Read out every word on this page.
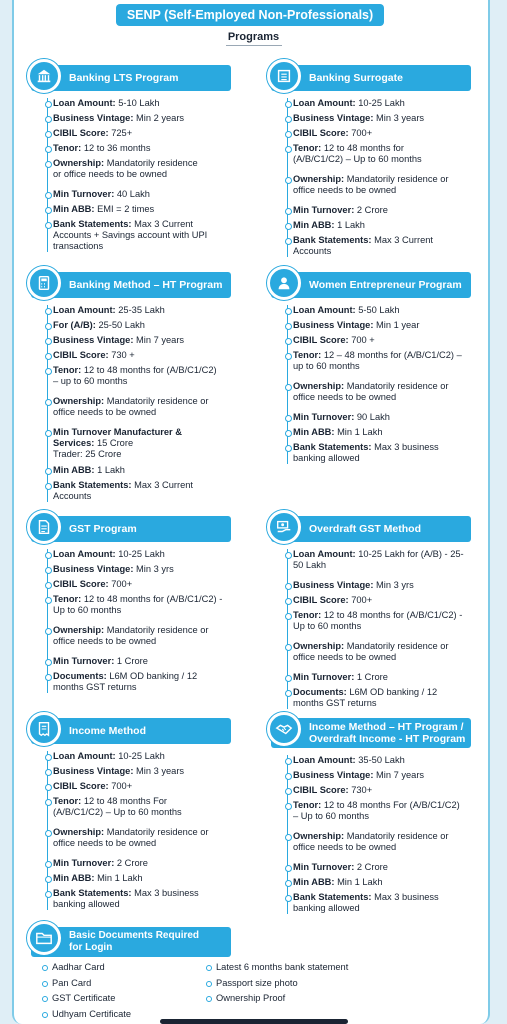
SENP (Self-Employed Non-Professionals)
Programs
Banking LTS Program
Loan Amount: 5-10 Lakh
Business Vintage: Min 2 years
CIBIL Score: 725+
Tenor: 12 to 36 months
Ownership: Mandatorily residence or office needs to be owned
Min Turnover: 40 Lakh
Min ABB: EMI = 2 times
Bank Statements: Max 3 Current Accounts + Savings account with UPI transactions
Banking Surrogate
Loan Amount: 10-25 Lakh
Business Vintage: Min 3 years
CIBIL Score: 700+
Tenor: 12 to 48 months for (A/B/C1/C2) – Up to 60 months
Ownership: Mandatorily residence or office needs to be owned
Min Turnover: 2 Crore
Min ABB: 1 Lakh
Bank Statements: Max 3 Current Accounts
Banking Method – HT Program
Loan Amount: 25-35 Lakh
For (A/B): 25-50 Lakh
Business Vintage: Min 7 years
CIBIL Score: 730 +
Tenor: 12 to 48 months for (A/B/C1/C2) – up to 60 months
Ownership: Mandatorily residence or office needs to be owned
Min Turnover Manufacturer & Services: 15 Crore
Trader: 25 Crore
Min ABB: 1 Lakh
Bank Statements: Max 3 Current Accounts
Women Entrepreneur Program
Loan Amount: 5-50 Lakh
Business Vintage: Min 1 year
CIBIL Score: 700 +
Tenor: 12 – 48 months for (A/B/C1/C2) – up to 60 months
Ownership: Mandatorily residence or office needs to be owned
Min Turnover: 90 Lakh
Min ABB: Min 1 Lakh
Bank Statements: Max 3 business banking allowed
GST Program
Loan Amount: 10-25 Lakh
Business Vintage: Min 3 yrs
CIBIL Score: 700+
Tenor: 12 to 48 months for (A/B/C1/C2) - Up to 60 months
Ownership: Mandatorily residence or office needs to be owned
Min Turnover: 1 Crore
Documents: L6M OD banking / 12 months GST returns
Overdraft GST Method
Loan Amount: 10-25 Lakh for (A/B) - 25-50 Lakh
Business Vintage: Min 3 yrs
CIBIL Score: 700+
Tenor: 12 to 48 months for (A/B/C1/C2) - Up to 60 months
Ownership: Mandatorily residence or office needs to be owned
Min Turnover: 1 Crore
Documents: L6M OD banking / 12 months GST returns
Income Method
Loan Amount: 10-25 Lakh
Business Vintage: Min 3 years
CIBIL Score: 700+
Tenor: 12 to 48 months For (A/B/C1/C2) – Up to 60 months
Ownership: Mandatorily residence or office needs to be owned
Min Turnover: 2 Crore
Min ABB: Min 1 Lakh
Bank Statements: Max 3 business banking allowed
Income Method – HT Program / Overdraft Income - HT Program
Loan Amount: 35-50 Lakh
Business Vintage: Min 7 years
CIBIL Score: 730+
Tenor: 12 to 48 months For (A/B/C1/C2) – Up to 60 months
Ownership: Mandatorily residence or office needs to be owned
Min Turnover: 2 Crore
Min ABB: Min 1 Lakh
Bank Statements: Max 3 business banking allowed
Basic Documents Required for Login
Aadhar Card
Pan Card
GST Certificate
Udhyam Certificate
Latest 6 months bank statement
Passport size photo
Ownership Proof
